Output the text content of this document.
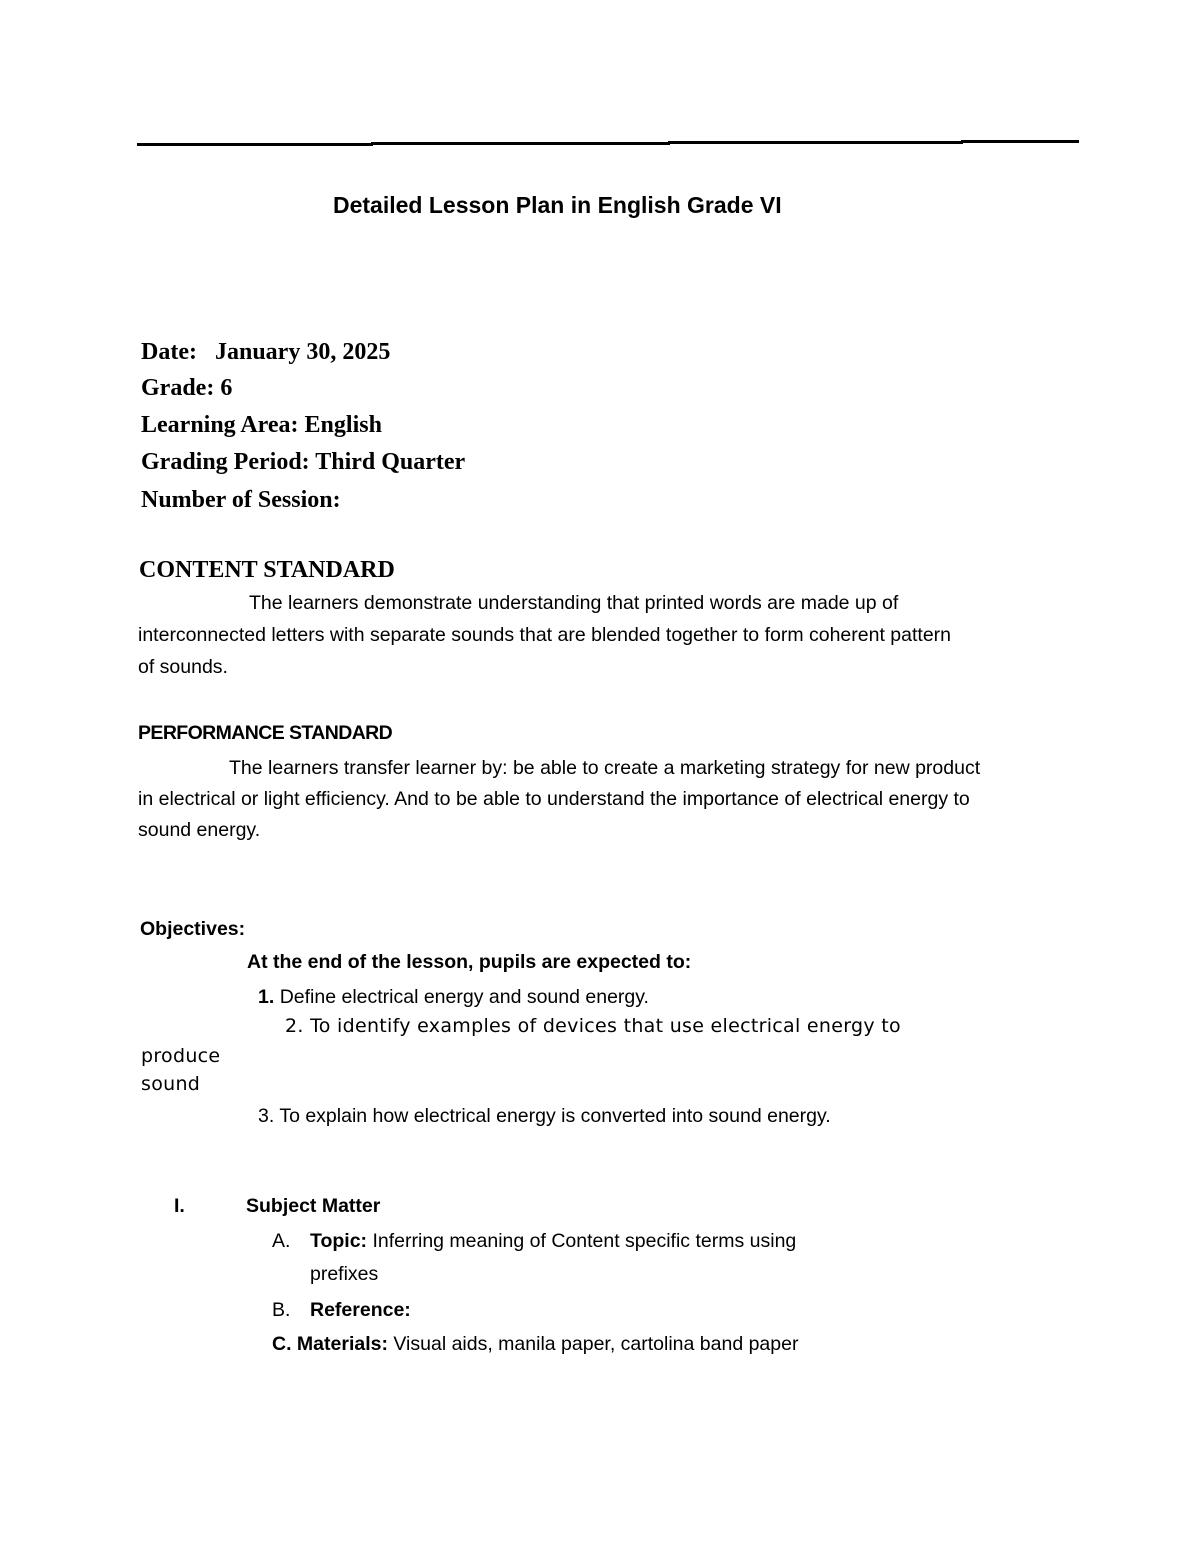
Detailed Lesson Plan in English Grade VI
Date: January 30, 2025
Grade: 6
Learning Area: English
Grading Period: Third Quarter
Number of Session:
CONTENT STANDARD
The learners demonstrate understanding that printed words are made up of
interconnected letters with separate sounds that are blended together to form coherent pattern
of sounds.
PERFORMANCE STANDARD
The learners transfer learner by: be able to create a marketing strategy for new product
in electrical or light efficiency. And to be able to understand the importance of electrical energy to
sound energy.
Objectives:
At the end of the lesson, pupils are expected to:
1. Define electrical energy and sound energy.
2. To identify examples of devices that use electrical energy to
produce
sound
3. To explain how electrical energy is converted into sound energy.
I.	Subject Matter
A. Topic: Inferring meaning of Content specific terms using
prefixes
B. Reference:
C. Materials: Visual aids, manila paper, cartolina band paper
